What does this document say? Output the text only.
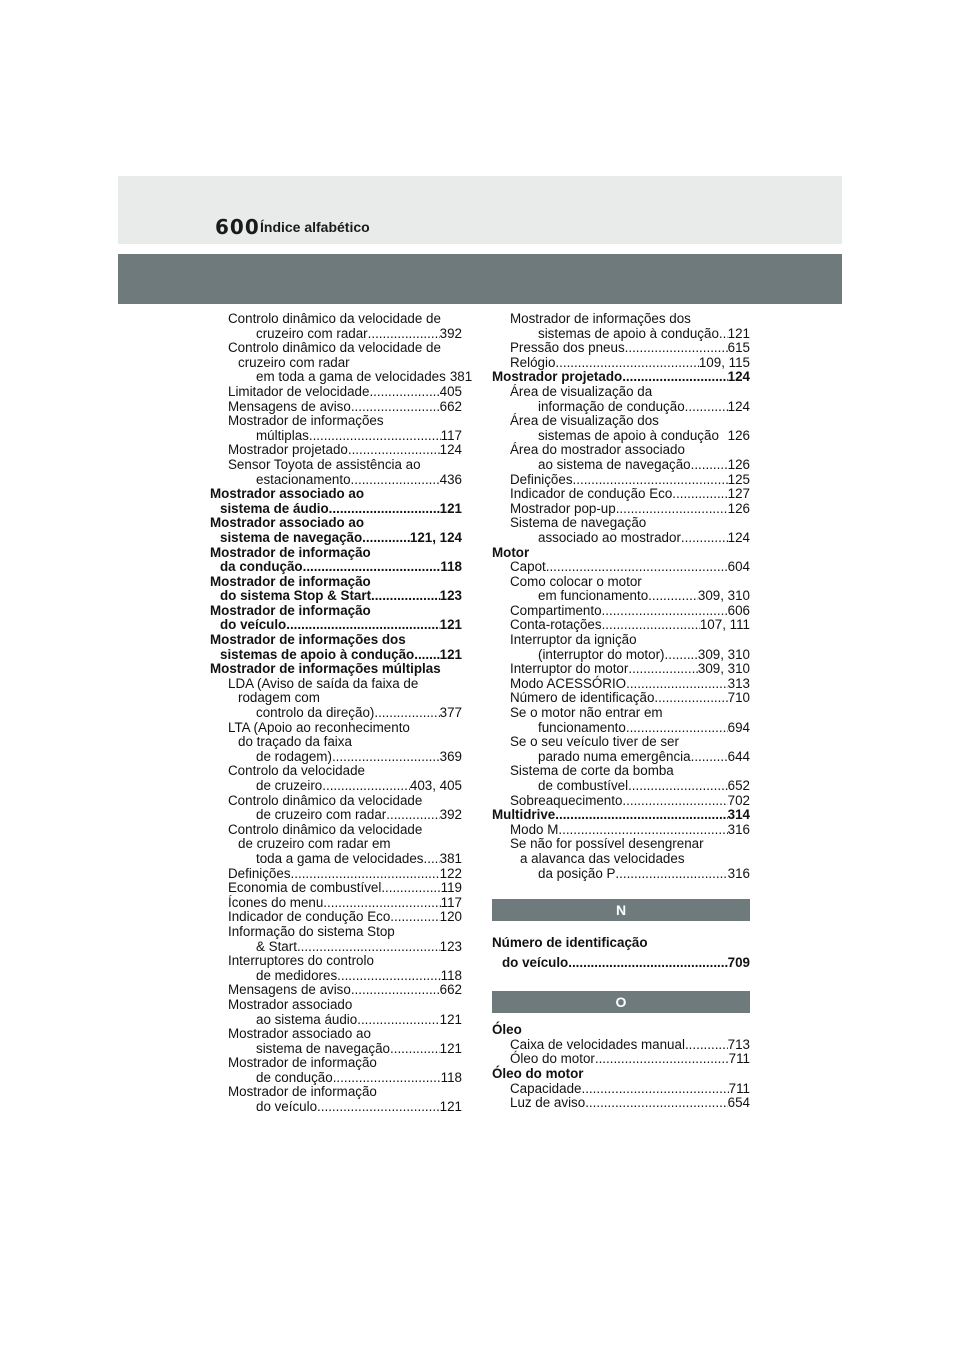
600 Índice alfabético
Controlo dinâmico da velocidade de
cruzeiro com radar .....	392
Controlo dinâmico da velocidade de
cruzeiro com radar
em toda a gama de velocidades 381
Limitador de velocidade .....	405
Mensagens de aviso .....	662
Mostrador de informações
múltiplas .....	117
Mostrador projetado .....	124
Sensor Toyota de assistência ao
estacionamento .....	436
Mostrador associado ao
sistema de áudio .....	121
Mostrador associado ao
sistema de navegação .....	121, 124
Mostrador de informação
da condução .....	118
Mostrador de informação
do sistema Stop & Start .....	123
Mostrador de informação
do veículo .....	121
Mostrador de informações dos
sistemas de apoio à condução ..... 121
Mostrador de informações múltiplas
LDA (Aviso de saída da faixa de
rodagem com
controlo da direção) .....	377
LTA (Apoio ao reconhecimento
do traçado da faixa
de rodagem) .....	369
Controlo da velocidade
de cruzeiro .....	403, 405
Controlo dinâmico da velocidade
de cruzeiro com radar .....	392
Controlo dinâmico da velocidade
de cruzeiro com radar em
toda a gama de velocidades ..... 381
Definições .....	122
Economia de combustível .....	119
Ícones do menu .....	117
Indicador de condução Eco .....	120
Informação do sistema Stop
& Start .....	123
Interruptores do controlo
de medidores .....	118
Mensagens de aviso .....	662
Mostrador associado
ao sistema áudio .....	121
Mostrador associado ao
sistema de navegação .....	121
Mostrador de informação
de condução .....	118
Mostrador de informação
do veículo .....	121
Mostrador de informações dos
sistemas de apoio à condução ..... 121
Pressão dos pneus .....	615
Relógio .....	109, 115
Mostrador projetado .....	124
Área de visualização da
informação de condução .....	124
Área de visualização dos
sistemas de apoio à condução 126
Área do mostrador associado
ao sistema de navegação .....	126
Definições .....	125
Indicador de condução Eco .....	127
Mostrador pop-up .....	126
Sistema de navegação
associado ao mostrador .....	124
Motor
Capot .....	604
Como colocar o motor
em funcionamento .....	309, 310
Compartimento .....	606
Conta-rotações .....	107, 111
Interruptor da ignição
(interruptor do motor) ..... 309, 310
Interruptor do motor .....	309, 310
Modo ACESSÓRIO .....	313
Número de identificação .....	710
Se o motor não entrar em
funcionamento .....	694
Se o seu veículo tiver de ser
parado numa emergência .....	644
Sistema de corte da bomba
de combustível .....	652
Sobreaquecimento .....	702
Multidrive .....	314
Modo M .....	316
Se não for possível desengrenar
a alavanca das velocidades
da posição P .....	316
N
Número de identificação
do veículo .....	709
O
Óleo
Caixa de velocidades manual .....	713
Óleo do motor .....	711
Óleo do motor
Capacidade .....	711
Luz de aviso .....	654
